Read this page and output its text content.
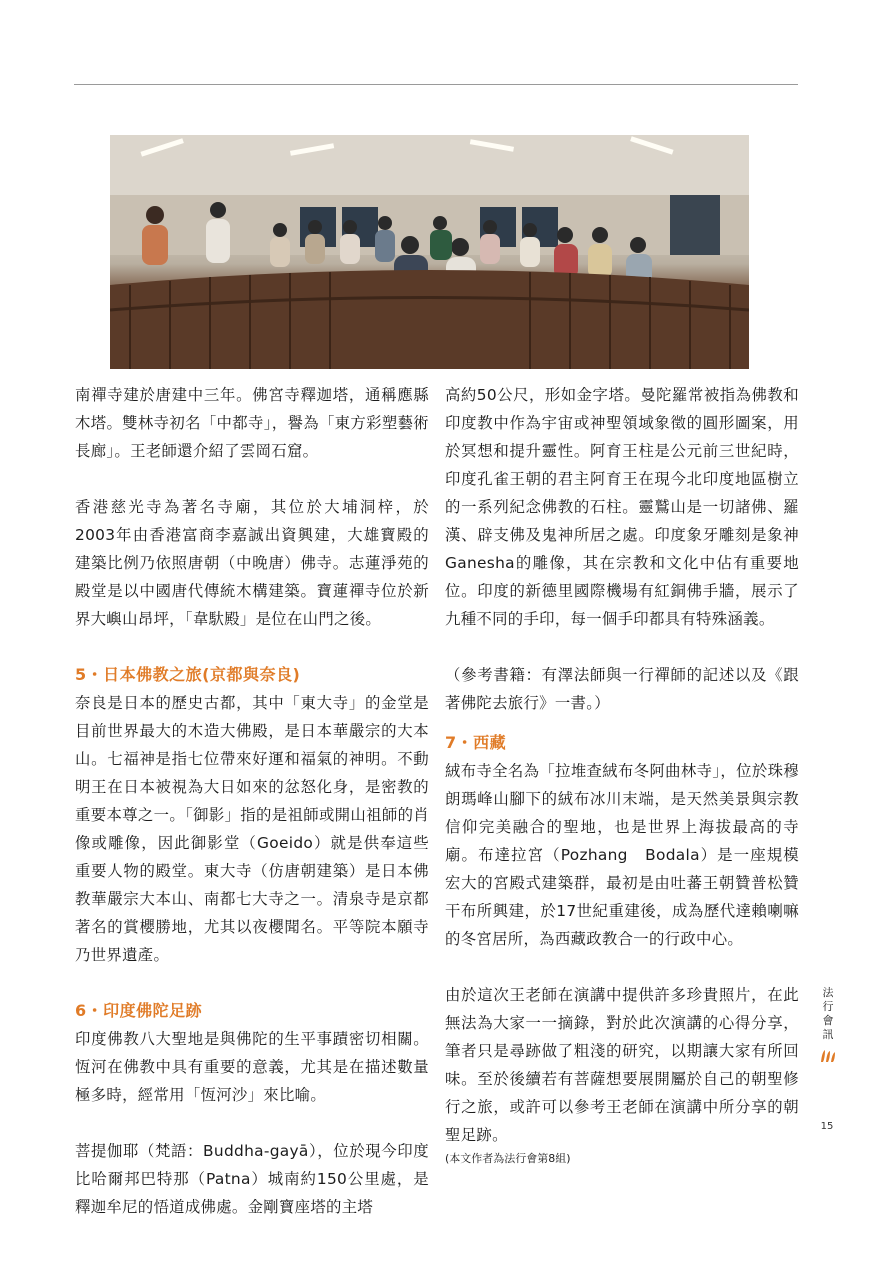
南禪寺建於唐建中三年。佛宮寺釋迦塔，通稱應縣木塔。雙林寺初名「中都寺」，譽為「東方彩塑藝術長廊」。王老師還介紹了雲岡石窟。

香港慈光寺為著名寺廟，其位於大埔洞梓，於2003年由香港富商李嘉誠出資興建，大雄寶殿的建築比例乃依照唐朝（中晚唐）佛寺。志蓮淨苑的殿堂是以中國唐代傳統木構建築。寶蓮禪寺位於新界大嶼山昂坪，「韋馱殿」是位在山門之後。

5・日本佛教之旅(京都與奈良)

奈良是日本的歷史古都，其中「東大寺」的金堂是目前世界最大的木造大佛殿，是日本華嚴宗的大本山。七福神是指七位帶來好運和福氣的神明。不動明王在日本被視為大日如來的忿怒化身，是密教的重要本尊之一。「御影」指的是祖師或開山祖師的肖像或雕像，因此御影堂（Goeido）就是供奉這些重要人物的殿堂。東大寺（仿唐朝建築）是日本佛教華嚴宗大本山、南都七大寺之一。清泉寺是京都著名的賞櫻勝地，尤其以夜櫻聞名。平等院本願寺乃世界遺產。

6・印度佛陀足跡

印度佛教八大聖地是與佛陀的生平事蹟密切相關。恆河在佛教中具有重要的意義，尤其是在描述數量極多時，經常用「恆河沙」來比喻。

菩提伽耶（梵語：Buddha-gayā），位於現今印度比哈爾邦巴特那（Patna）城南約150公里處，是釋迦牟尼的悟道成佛處。金剛寶座塔的主塔

高約50公尺，形如金字塔。曼陀羅常被指為佛教和印度教中作為宇宙或神聖領域象徵的圓形圖案，用於冥想和提升靈性。阿育王柱是公元前三世紀時，印度孔雀王朝的君主阿育王在現今北印度地區樹立的一系列紀念佛教的石柱。靈鷲山是一切諸佛、羅漢、辟支佛及鬼神所居之處。印度象牙雕刻是象神Ganesha的雕像，其在宗教和文化中佔有重要地位。印度的新德里國際機場有紅銅佛手牆，展示了九種不同的手印，每一個手印都具有特殊涵義。

（參考書籍：有澤法師與一行禪師的記述以及《跟著佛陀去旅行》一書。）

7・西藏

絨布寺全名為「拉堆查絨布冬阿曲林寺」，位於珠穆朗瑪峰山腳下的絨布冰川末端，是天然美景與宗教信仰完美融合的聖地，也是世界上海拔最高的寺廟。布達拉宮（Pozhang　Bodala）是一座規模宏大的宮殿式建築群，最初是由吐蕃王朝贊普松贊干布所興建，於17世紀重建後，成為歷代達賴喇嘛的冬宮居所，為西藏政教合一的行政中心。

由於這次王老師在演講中提供許多珍貴照片，在此無法為大家一一摘錄，對於此次演講的心得分享，筆者只是尋跡做了粗淺的研究，以期讓大家有所回味。至於後續若有菩薩想要展開屬於自己的朝聖修行之旅，或許可以參考王老師在演講中所分享的朝聖足跡。

(本文作者為法行會第8組)

法
行
會
訊
15
